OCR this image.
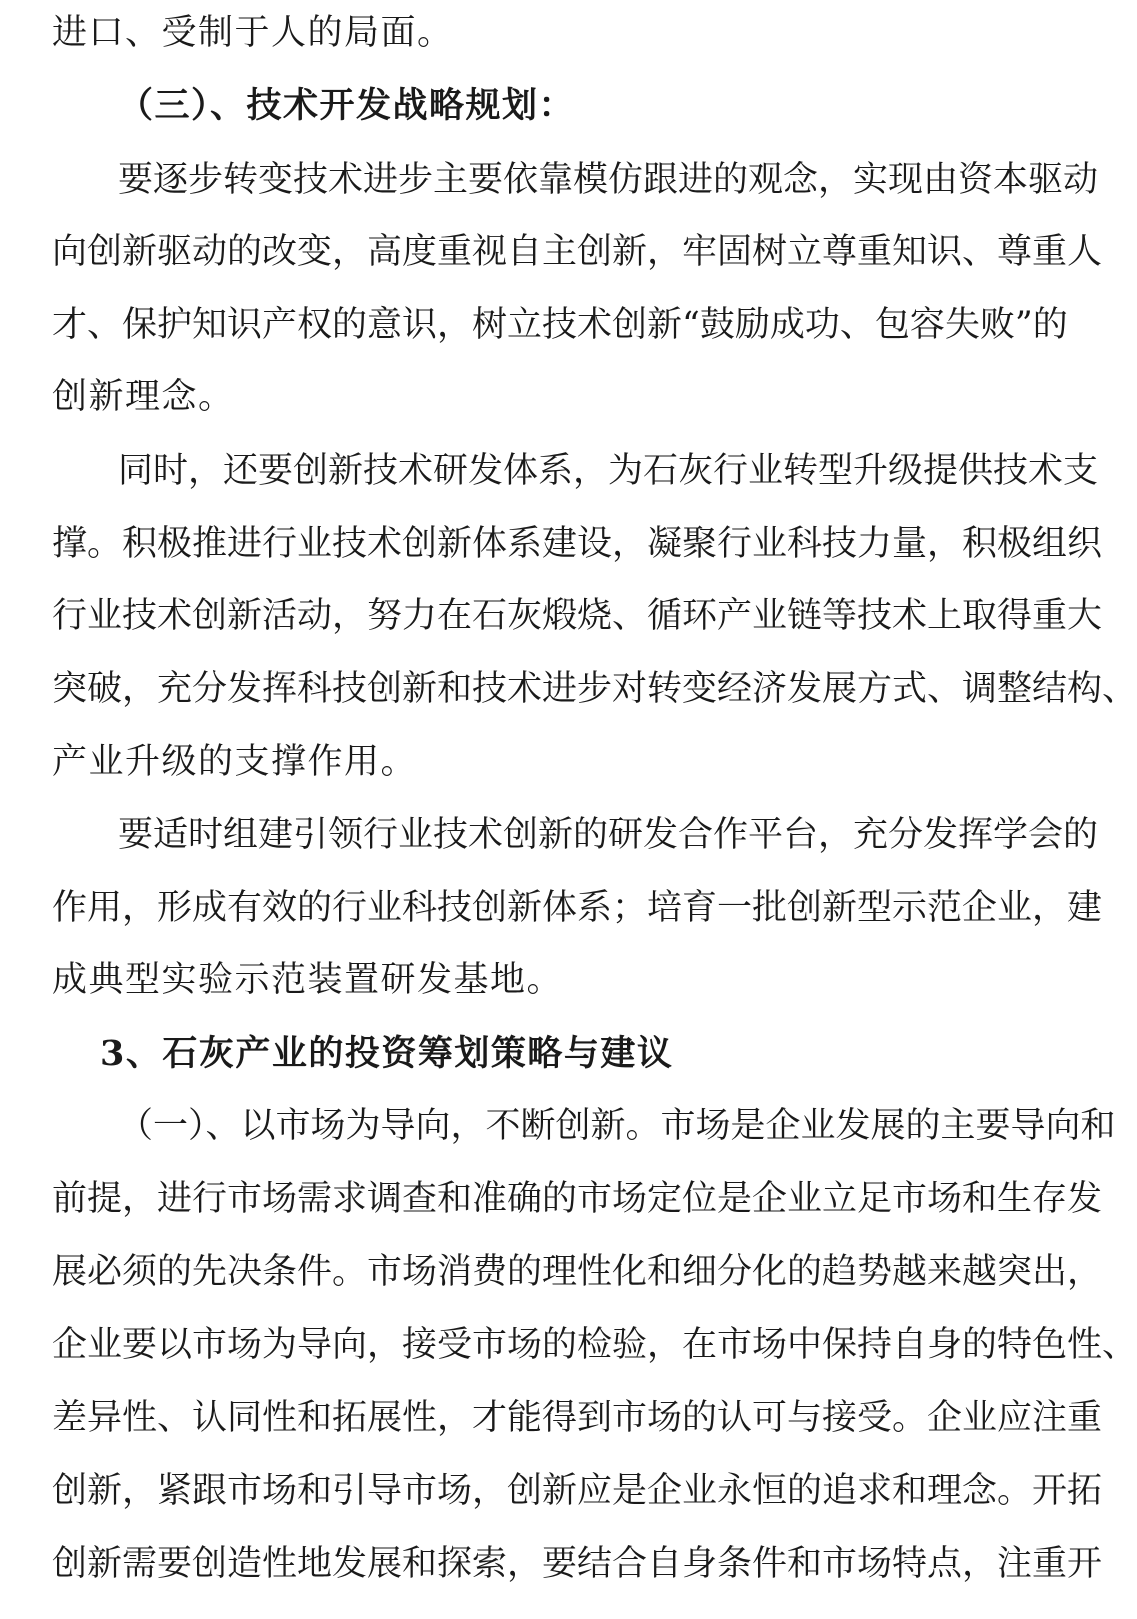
进口、受制于人的局面。
（三）、技术开发战略规划：
要逐步转变技术进步主要依靠模仿跟进的观念，实现由资本驱动
向创新驱动的改变，高度重视自主创新，牢固树立尊重知识、尊重人
才、保护知识产权的意识，树立技术创新“鼓励成功、包容失败”的
创新理念。
同时，还要创新技术研发体系，为石灰行业转型升级提供技术支
撑。积极推进行业技术创新体系建设，凝聚行业科技力量，积极组织
行业技术创新活动，努力在石灰煅烧、循环产业链等技术上取得重大
突破，充分发挥科技创新和技术进步对转变经济发展方式、调整结构、
产业升级的支撑作用。
要适时组建引领行业技术创新的研发合作平台，充分发挥学会的
作用，形成有效的行业科技创新体系；培育一批创新型示范企业，建
成典型实验示范装置研发基地。
3、石灰产业的投资筹划策略与建议
（一）、以市场为导向，不断创新。市场是企业发展的主要导向和
前提，进行市场需求调查和准确的市场定位是企业立足市场和生存发
展必须的先决条件。市场消费的理性化和细分化的趋势越来越突出，
企业要以市场为导向，接受市场的检验，在市场中保持自身的特色性、
差异性、认同性和拓展性，才能得到市场的认可与接受。企业应注重
创新，紧跟市场和引导市场，创新应是企业永恒的追求和理念。开拓
创新需要创造性地发展和探索，要结合自身条件和市场特点，注重开
